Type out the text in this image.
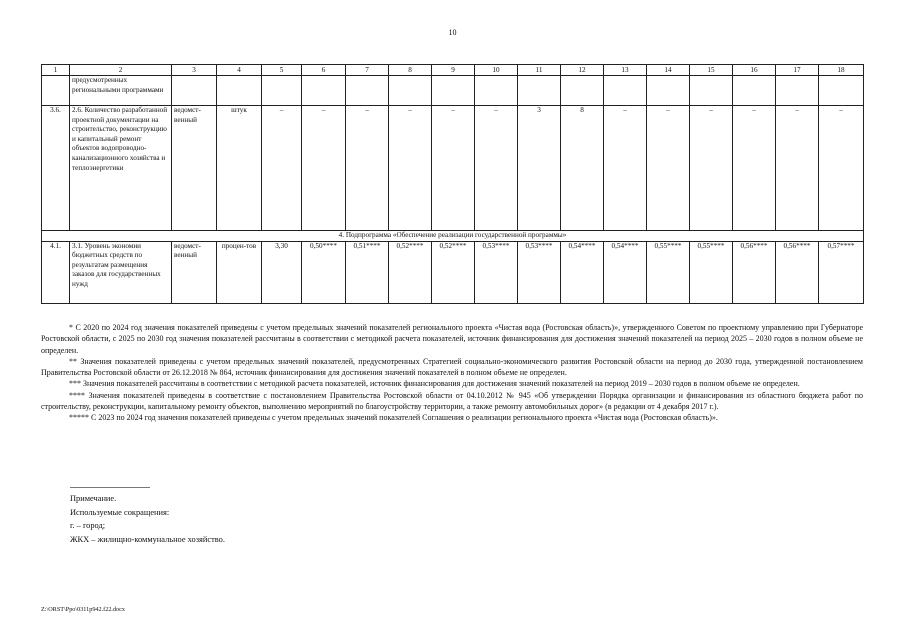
10
1	2	3	4	5	6	7	8	9	10	11	12	13	14	15	16	17	18
	предусмотренных региональными программами																
3.6.	2.6. Количество разработанной проектной документации на строительство, реконструкцию и капитальный ремонт объектов водопроводно-канализационного хозяйства и теплоэнергетики	ведомст-венный	штук	–	–	–	–	–	–	3	8	–	–	–	–	–	–
4. Подпрограмма «Обеспечение реализации государственной программы»																	
4.1.	3.1. Уровень экономии бюджетных средств по результатам размещения заказов для государственных нужд	ведомст-венный	процен-тов	3,30	0,50****	0,51****	0,52****	0,52****	0,53****	0,53****	0,54****	0,54****	0,55****	0,55****	0,56****	0,56****	0,57****

* С 2020 по 2024 год значения показателей приведены с учетом предельных значений показателей регионального проекта «Чистая вода (Ростовская область)», утвержденного Советом по проектному управлению при Губернаторе Ростовской области, с 2025 по 2030 год значения показателей рассчитаны в соответствии с методикой расчета показателей, источник финансирования для достижения значений показателей на период 2025 – 2030 годов в полном объеме не определен.

** Значения показателей приведены с учетом предельных значений показателей, предусмотренных Стратегией социально-экономического развития Ростовской области на период до 2030 года, утвержденной постановлением Правительства Ростовской области от 26.12.2018 № 864, источник финансирования для достижения значений показателей в полном объеме не определен.

*** Значения показателей рассчитаны в соответствии с методикой расчета показателей, источник финансирования для достижения значений показателей на период 2019 – 2030 годов в полном объеме не определен.

**** Значения показателей приведены в соответствие с постановлением Правительства Ростовской области от 04.10.2012 № 945 «Об утверждении Порядка организации и финансирования из областного бюджета работ по строительству, реконструкции, капитальному ремонту объектов, выполнению мероприятий по благоустройству территории, а также ремонту автомобильных дорог» (в редакции от 4 декабря 2017 г.).

***** С 2023 по 2024 год значения показателей приведены с учетом предельных значений показателей Соглашения о реализации регионального проекта «Чистая вода (Ростовская область)».

Примечание.
Используемые сокращения:
г. – город;
ЖКХ – жилищно-коммунальное хозяйство.
Z:\ORST\Ppo\0311p942.f22.docx
